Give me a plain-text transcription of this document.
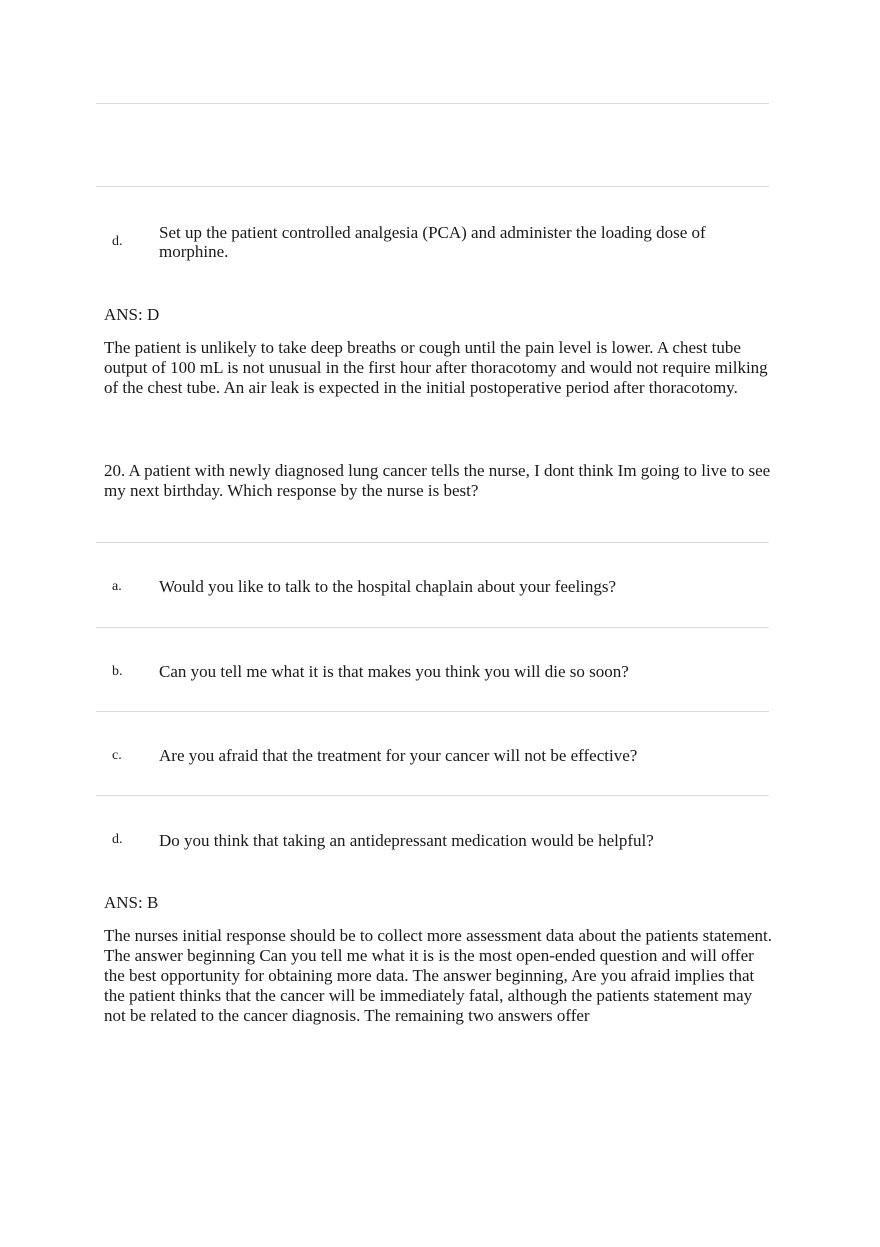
d. Set up the patient controlled analgesia (PCA) and administer the loading dose of morphine.

ANS: D

The patient is unlikely to take deep breaths or cough until the pain level is lower. A chest tube output of 100 mL is not unusual in the first hour after thoracotomy and would not require milking of the chest tube. An air leak is expected in the initial postoperative period after thoracotomy.

20. A patient with newly diagnosed lung cancer tells the nurse, I dont think Im going to live to see my next birthday. Which response by the nurse is best?

a. Would you like to talk to the hospital chaplain about your feelings?
b. Can you tell me what it is that makes you think you will die so soon?
c. Are you afraid that the treatment for your cancer will not be effective?
d. Do you think that taking an antidepressant medication would be helpful?

ANS: B

The nurses initial response should be to collect more assessment data about the patients statement. The answer beginning Can you tell me what it is is the most open-ended question and will offer the best opportunity for obtaining more data. The answer beginning, Are you afraid implies that the patient thinks that the cancer will be immediately fatal, although the patients statement may not be related to the cancer diagnosis. The remaining two answers offer
